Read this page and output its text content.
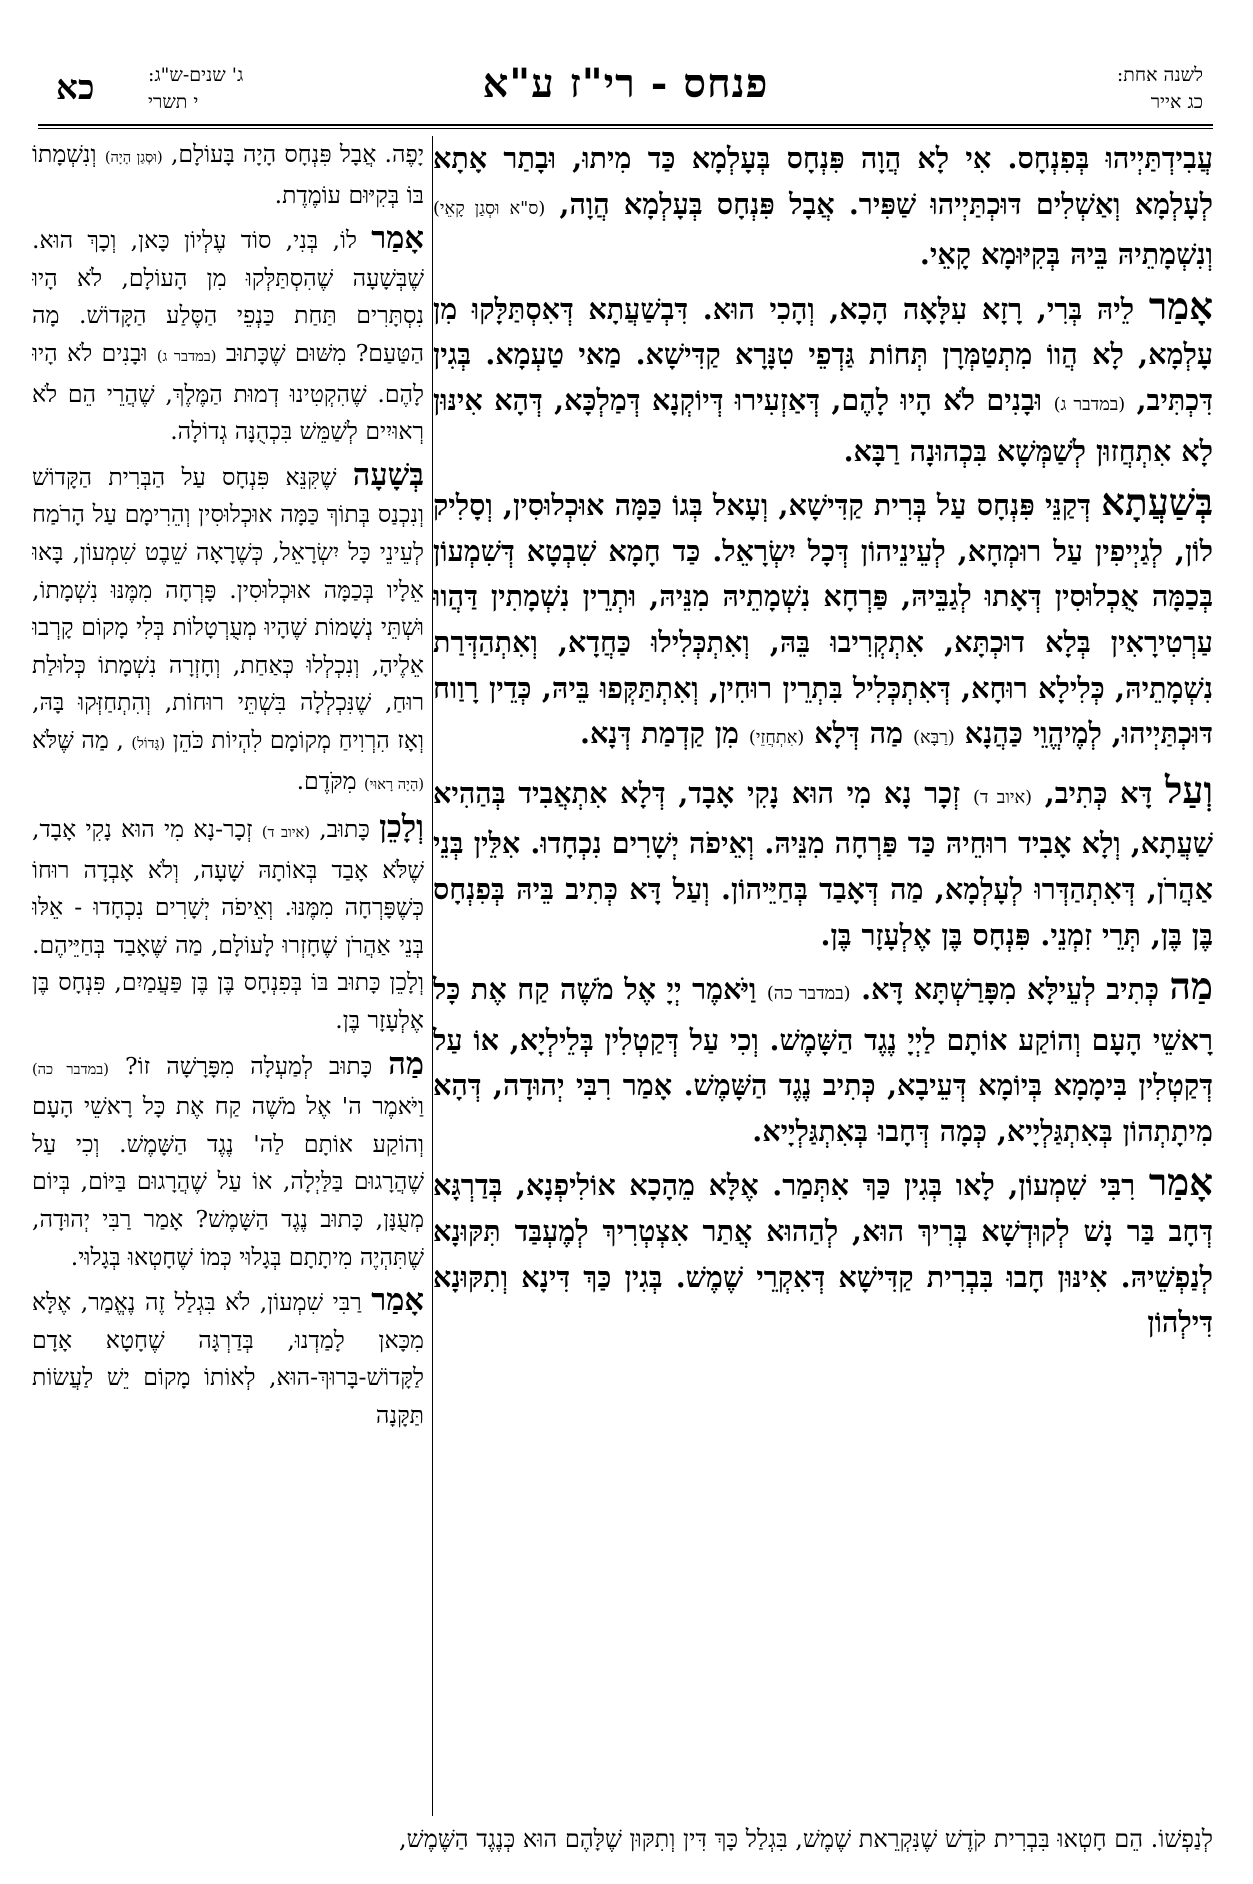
לשנה אחת:
כג אייר
פנחס - רי"ז ע"א
ג' שנים-ש"ג:
י תשרי
כא

עֲבִידְתַּיְיהוּ בְּפִנְחָס. אִי לָא הֲוָה פִּנְחָס בְּעָלְמָא כַּד מִיתוּ, וּבָתַר אָתָא לְעָלְמָא וְאַשְׁלִים דּוּכְתַּיְיהוּ שַׁפִּיר. אֲבָל פִּנְחָס בְּעָלְמָא הֲוָה, (ס"א וּסְגַן קָאֵי) וְנִשְׁמָתֵיהּ בֵּיהּ בְּקִיּוּמָא קָאֵי.

אָמַר לֵיהּ בְּרִי, רָזָא עִלָּאָה הָכָא, וְהָכִי הוּא. דִּבְשַׁעֲתָא דְּאִסְתַּלָּקוּ מִן עָלְמָא, לָא הֲווֹ מִתְטַמְּרָן תְּחוֹת גַּדְפֵי טִנָּרָא קַדִּישָׁא. מַאי טַעְמָא. בְּגִין דִּכְתִּיב, (במדבר ג) וּבָנִים לֹא הָיוּ לָהֶם, דְּאַזְעִירוּ דְּיוֹקְנָא דְּמַלְכָּא, דְּהָא אִינּוּן לָא אִתְחֲזוּן לְשַׁמְּשָׁא בִּכְהוּנָה רַבָּא.

בְּשַׁעֲתָא דְּקַנֵּי פִּנְחָס עַל בְּרִית קַדִּישָׁא, וְעָאל בְּגוֹ כַּמָּה אוּכְלוּסִין, וְסָלִיק לוֹן, לְגַיְיפִין עַל רוּמְחָא, לְעֵינֵיהוֹן דְּכָל יִשְׂרָאֵל. כַּד חָמָא שִׁבְטָא דְּשִׁמְעוֹן בְּכַמָּה אֻכְלוּסִין דְּאָתוּ לְגַבֵּיהּ, פַּרְחָא נִשְׁמָתֵיהּ מִנֵּיהּ, וּתְרֵין נִשְׁמָתִין דַּהֲווּ עַרְטִירָאִין בְּלָא דוּכְתָּא, אִתְקְרִיבוּ בֵּהּ, וְאִתְכְּלִילוּ כַּחֲדָא, וְאִתְהַדְּרַת נִשְׁמָתֵיהּ, כְּלִילָא רוּחָא, דְּאִתְכְּלִיל בִּתְרֵין רוּחִין, וְאִתְתַּקְּפוּ בֵּיהּ, כְּדֵין רָוַוח דּוּכְתַּיְיהוּ, לְמֶיהֱוֵי כַּהֲנָא (רַבָּא) מַה דְּלָא (אִתְחֲזֵי) מִן קַדְמַת דְּנָא.

וְעַל דָּא כְּתִיב, (איוב ד) זְכָר נָא מִי הוּא נָקִי אָבָד, דְּלָא אִתְאֲבִיד בְּהַהִיא שַׁעֲתָא, וְלָא אָבִיד רוּחֵיהּ כַּד פַּרְחָה מִנֵּיהּ. וְאֵיפֹה יְשָׁרִים נִכְחָדוּ. אִלֵּין בְּנֵי אַהֲרֹן, דְּאִתְהַדְּרוּ לְעָלְמָא, מַה דְּאָבַד בְּחַיֵּיהוֹן. וְעַל דָּא כְּתִיב בֵּיהּ בְּפִנְחָס בֶּן בֶּן, תְּרֵי זִמְנֵי. פִּנְחָס בֶּן אֶלְעָזָר בֶּן.

מַה כְּתִיב לְעֵילָּא מִפָּרַשְׁתָּא דָּא. (במדבר כה) וַיֹּאמֶר יְיָ אֶל מֹשֶׁה קַח אֶת כָּל רָאשֵׁי הָעָם וְהוֹקַע אוֹתָם לַיְיָ נֶגֶד הַשָּׁמֶשׁ. וְכִי עַל דְּקַטְלִין בְּלֵילְיָא, אוֹ עַל דְּקַטְלִין בִּימָמָא בְּיוֹמָא דְּעֵיבָא, כְּתִיב נֶגֶד הַשָּׁמֶשׁ. אָמַר רִבִּי יְהוּדָה, דְּהָא מִיתָתְהוֹן בְּאִתְגַּלְיָיא, כְּמָה דְּחָבוּ בְּאִתְגַּלְיָיא.

אָמַר רִבִּי שִׁמְעוֹן, לָאו בְּגִין כַּךְ אִתְּמַר. אֶלָּא מֵהָכָא אוֹלִיפְנָא, בְּדַרְגָּא דְּחָב בַּר נָשׁ לְקוּדְשָׁא בְּרִיךְ הוּא, לְהַהוּא אֲתַר אִצְטְרִיךְ לְמֶעְבַּד תִּקּוּנָא לְנַפְשֵׁיהּ. אִינּוּן חָבוּ בִּבְרִית קַדִּישָׁא דְּאִקְרֵי שֶׁמֶשׁ. בְּגִין כַּךְ דִּינָא וְתִקּוּנָא דִּילְהוֹן

יָפֶה. אֲבָל פִּנְחָס הָיָה בָּעוֹלָם, (וּסְגַן הָיָה) וְנִשְׁמָתוֹ בּוֹ בְּקִיּוּם עוֹמֶדֶת.

אָמַר לוֹ, בְּנִי, סוֹד עֶלְיוֹן כָּאן, וְכָךְ הוּא. שֶׁבְּשָׁעָה שֶׁהִסְתַּלְּקוּ מִן הָעוֹלָם, לֹא הָיוּ נִסְתָּרִים תַּחַת כַּנְפֵי הַסֶּלַע הַקָּדוֹשׁ. מָה הַטַּעַם? מִשּׁוּם שֶׁכָּתוּב (במדבר ג) וּבָנִים לֹא הָיוּ לָהֶם. שֶׁהִקְטִינוּ דְמוּת הַמֶּלֶךְ, שֶׁהֲרֵי הֵם לֹא רְאוּיִים לְשַׁמֵּשׁ בִּכְהֻנָּה גְדוֹלָה.

בְּשָׁעָה שֶׁקִּנֵּא פִּנְחָס עַל הַבְּרִית הַקָּדוֹשׁ וְנִכְנַס בְּתוֹךְ כַּמָּה אוּכְלוּסִין וְהֵרִימָם עַל הָרֹמַח לְעֵינֵי כָּל יִשְׂרָאֵל, כְּשֶׁרָאָה שֵׁבֶט שִׁמְעוֹן, בָּאוּ אֵלָיו בְּכַמָּה אוּכְלוּסִין. פָּרְחָה מִמֶּנּוּ נִשְׁמָתוֹ, וּשְׁתֵּי נְשָׁמוֹת שֶׁהָיוּ מְעֻרְטָלוֹת בְּלִי מָקוֹם קָרְבוּ אֵלֶיהָ, וְנִכְלְלוּ כְּאַחַת, וְחָזְרָה נִשְׁמָתוֹ כְּלוּלַת רוּחַ, שֶׁנִּכְלְלָה בִּשְׁתֵּי רוּחוֹת, וְהִתְחַזְּקוּ בָּהּ, וְאָז הִרְוִיחַ מְקוֹמָם לִהְיוֹת כֹּהֵן (גָּדוֹל) , מַה שֶּׁלֹּא (הָיָה רָאוּי) מִקֹּדֶם.

וְלָכֵן כָּתוּב, (איוב ד) זְכָר-נָא מִי הוּא נָקִי אָבָד, שֶׁלֹּא אָבַד בְּאוֹתָהּ שָׁעָה, וְלֹא אָבְדָה רוּחוֹ כְּשֶׁפָּרְחָה מִמֶּנּוּ. וְאֵיפֹה יְשָׁרִים נִכְחָדוּ - אֵלּוּ בְּנֵי אַהֲרֹן שֶׁחָזְרוּ לָעוֹלָם, מַה שֶּׁאָבַד בְּחַיֵּיהֶם. וְלָכֵן כָּתוּב בּוֹ בְּפִנְחָס בֶּן בֶּן פַּעֲמַיִם, פִּנְחָס בֶּן אֶלְעָזָר בֶּן.

מַה כָּתוּב לְמַעְלָה מִפָּרָשָׁה זוֹ? (במדבר כה) וַיֹּאמֶר ה' אֶל מֹשֶׁה קַח אֶת כָּל רָאשֵׁי הָעָם וְהוֹקַע אוֹתָם לַה' נֶגֶד הַשָּׁמֶשׁ. וְכִי עַל שֶׁהֲרָגוּם בַּלַּיְלָה, אוֹ עַל שֶׁהֲרָגוּם בַּיּוֹם, בְּיוֹם מְעֻנָּן, כָּתוּב נֶגֶד הַשָּׁמֶשׁ? אָמַר רַבִּי יְהוּדָה, שֶׁתִּהְיֶה מִיתָתָם בְּגָלוּי כְּמוֹ שֶׁחָטְאוּ בְּגָלוּי.

אָמַר רַבִּי שִׁמְעוֹן, לֹא בִּגְלַל זֶה נֶאֱמַר, אֶלָּא מִכָּאן לָמַדְנוּ, בְּדַרְגָּה שֶׁחָטָא אָדָם לַקָּדוֹשׁ-בָּרוּךְ-הוּא, לְאוֹתוֹ מָקוֹם יֵשׁ לַעֲשׂוֹת תַּקָּנָה

לְנַפְשׁוֹ. הֵם חָטְאוּ בִּבְרִית קֹדֶשׁ שֶׁנִּקְרֵאת שֶׁמֶשׁ, בִּגְלַל כָּךְ דִּין וְתִקּוּן שֶׁלָּהֶם הוּא כְּנֶגֶד הַשֶּׁמֶשׁ,
